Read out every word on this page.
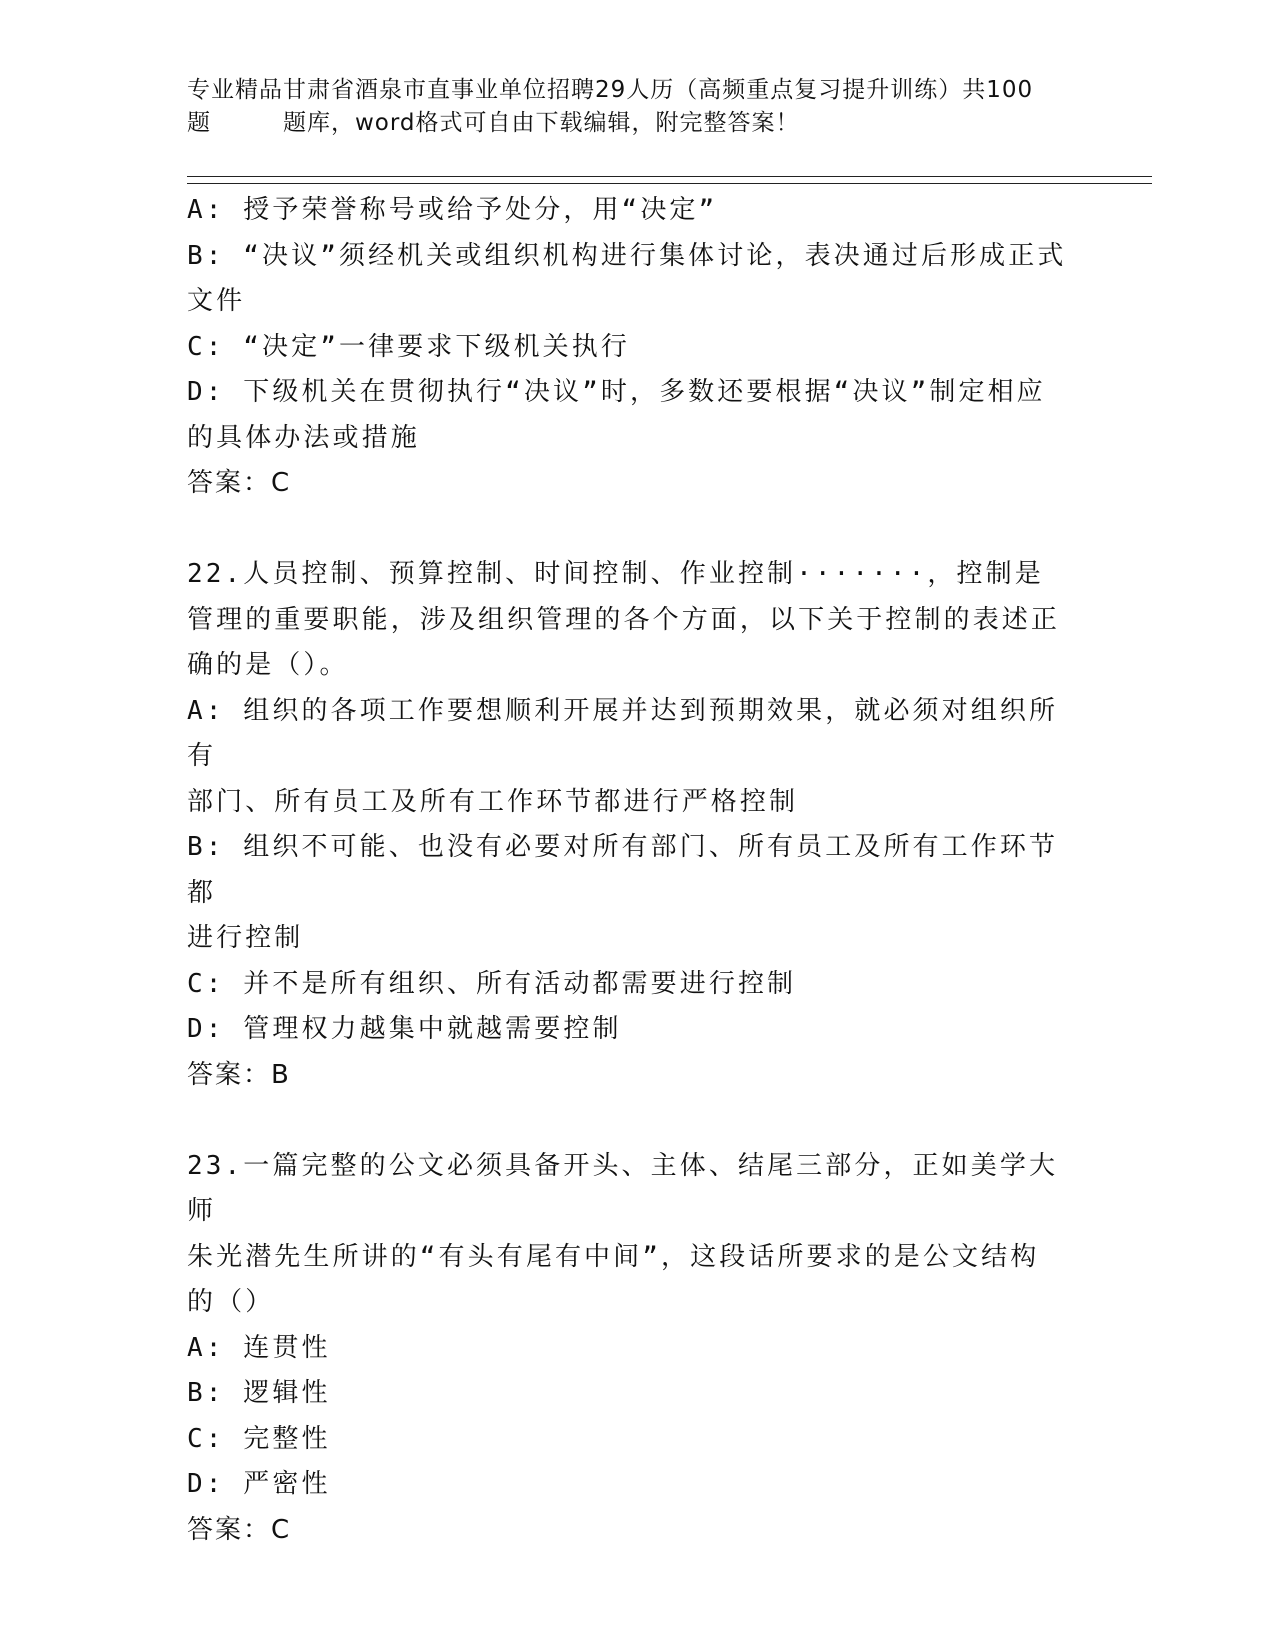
专业精品甘肃省酒泉市直事业单位招聘29人历（高频重点复习提升训练）共100
题	题库，word格式可自由下载编辑，附完整答案！

A: 授予荣誉称号或给予处分，用“决定”

B: “决议”须经机关或组织机构进行集体讨论，表决通过后形成正式

文件

C: “决定”一律要求下级机关执行

D: 下级机关在贯彻执行“决议”时，多数还要根据“决议”制定相应

的具体办法或措施

答案：C

22.人员控制、预算控制、时间控制、作业控制·······，控制是

管理的重要职能，涉及组织管理的各个方面，以下关于控制的表述正

确的是（）。

A: 组织的各项工作要想顺利开展并达到预期效果，就必须对组织所有

部门、所有员工及所有工作环节都进行严格控制

B: 组织不可能、也没有必要对所有部门、所有员工及所有工作环节都

进行控制

C: 并不是所有组织、所有活动都需要进行控制

D: 管理权力越集中就越需要控制

答案：B

23.一篇完整的公文必须具备开头、主体、结尾三部分，正如美学大师

朱光潜先生所讲的“有头有尾有中间”，这段话所要求的是公文结构

的（）

A: 连贯性

B: 逻辑性

C: 完整性

D: 严密性

答案：C
